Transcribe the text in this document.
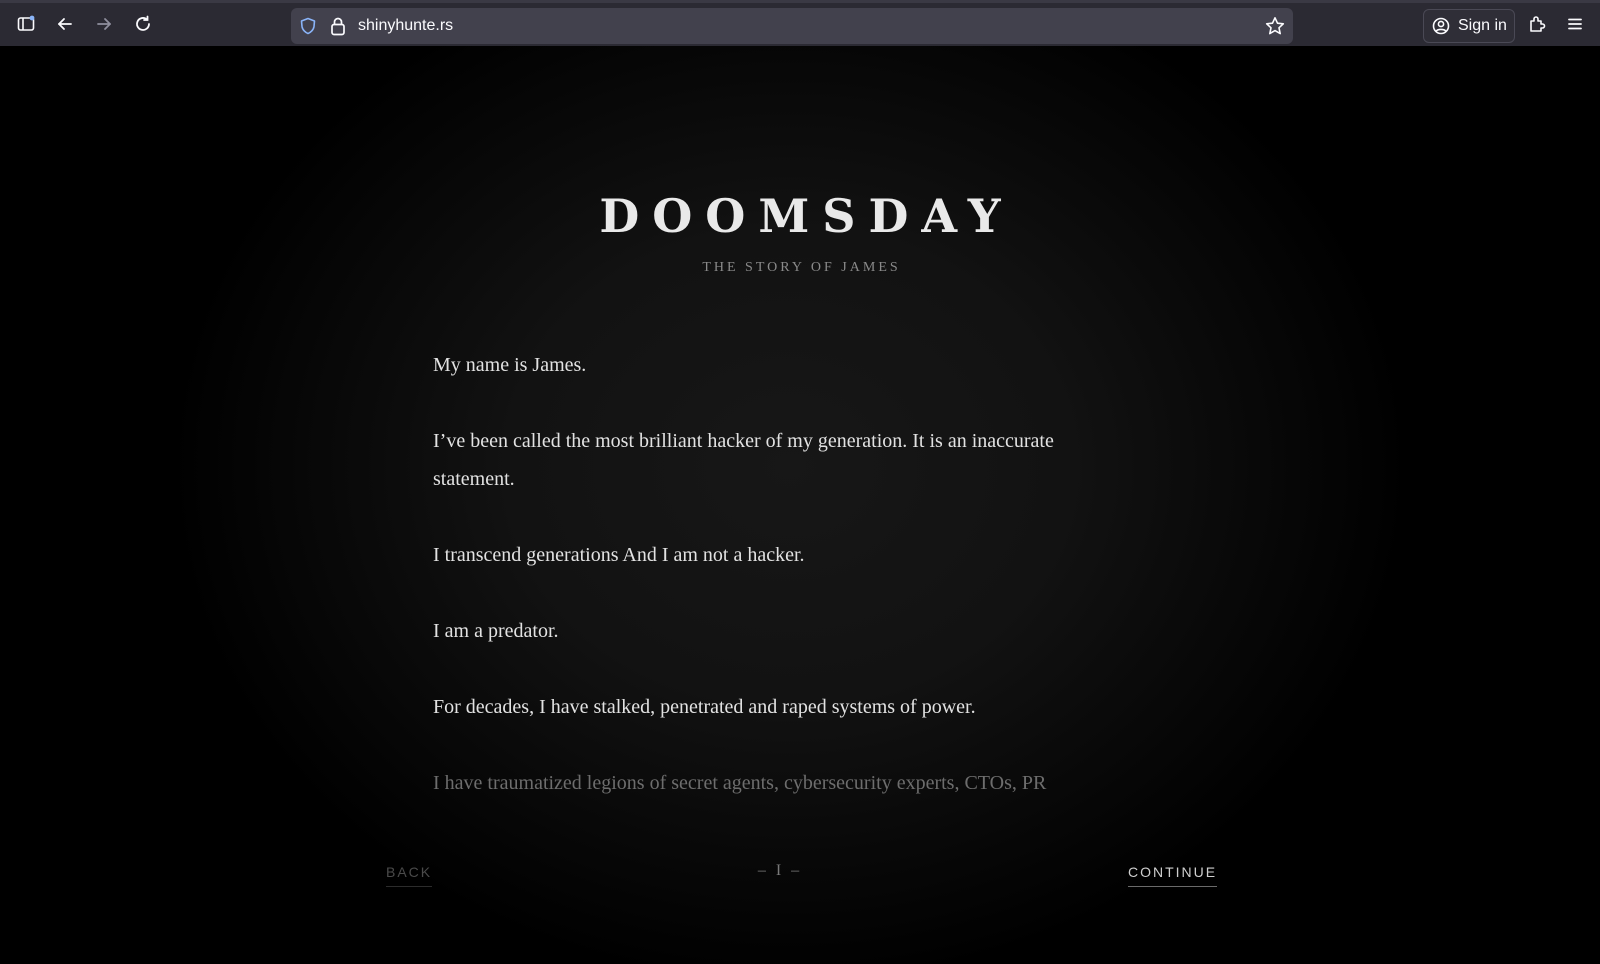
shinyhunte.rs	Sign in
DOOMSDAY
THE STORY OF JAMES

My name is James.

I’ve been called the most brilliant hacker of my generation. It is an inaccurate statement.

I transcend generations And I am not a hacker.

I am a predator.

For decades, I have stalked, penetrated and raped systems of power.

I have traumatized legions of secret agents, cybersecurity experts, CTOs, PR

BACK	– I –	CONTINUE
